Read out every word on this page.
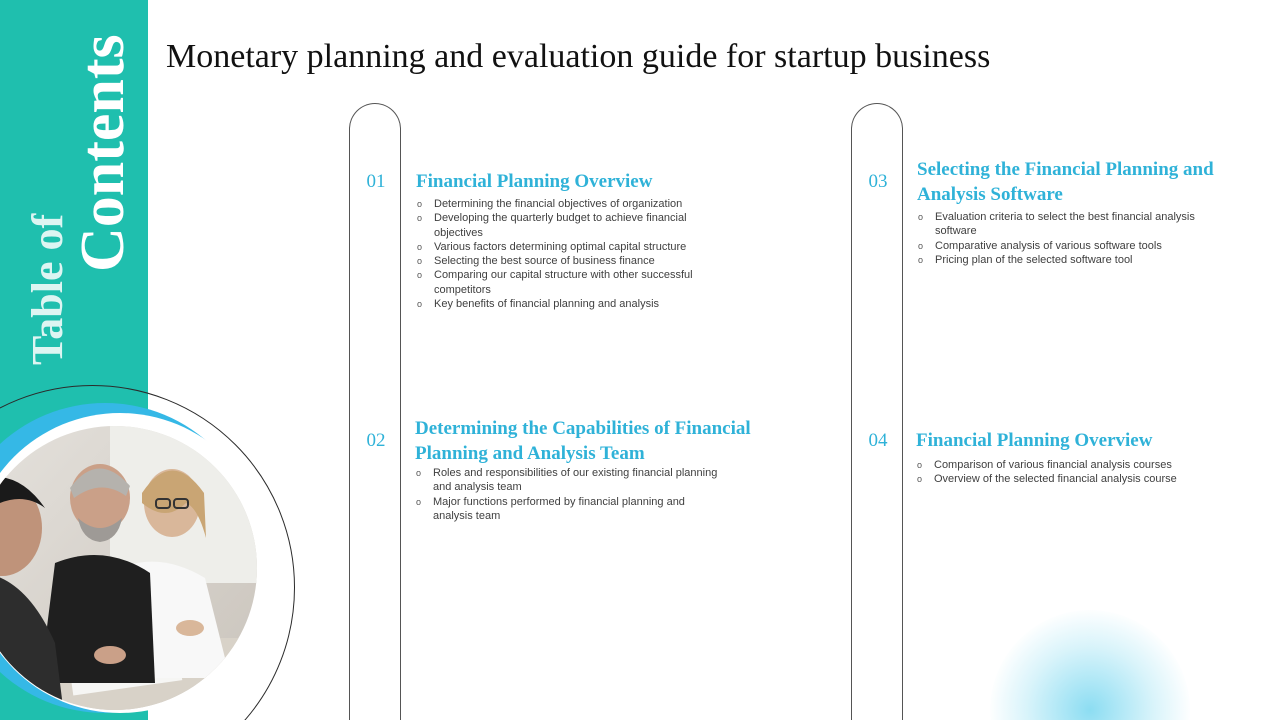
Table of
Contents Monetary planning and evaluation guide for startup business
01	Financial Planning Overview
o Determining the financial objectives of organization
o Developing the quarterly budget to achieve financial objectives
o Various factors determining optimal capital structure
o Selecting the best source of business finance
o Comparing our capital structure with other successful competitors
o Key benefits of financial planning and analysis
02
Determining the Capabilities of Financial Planning and Analysis Team
o Roles and responsibilities of our existing financial planning and analysis team
o Major functions performed by financial planning and analysis team
03
Selecting the Financial Planning and Analysis Software
o Evaluation criteria to select the best financial analysis software
o Comparative analysis of various software tools
o Pricing plan of the selected software tool
04	Financial Planning Overview
o Comparison of various financial analysis courses
o Overview of the selected financial analysis course
